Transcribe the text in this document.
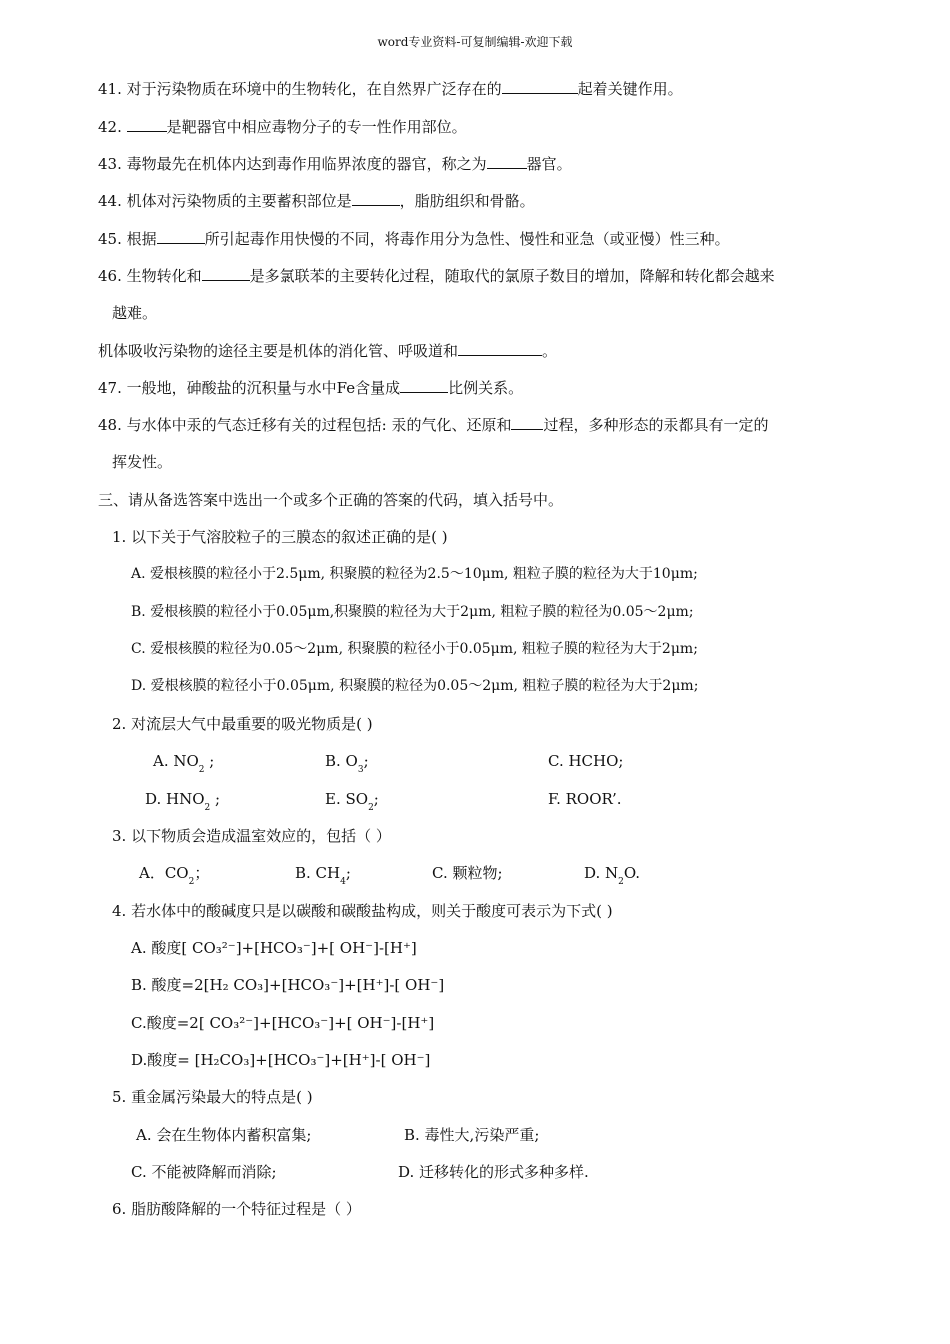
word专业资料-可复制编辑-欢迎下载
41. 对于污染物质在环境中的生物转化，在自然界广泛存在的	起着关键作用。
42.	是靶器官中相应毒物分子的专一性作用部位。
43. 毒物最先在机体内达到毒作用临界浓度的器官，称之为	器官。
44. 机体对污染物质的主要蓄积部位是	，脂肪组织和骨骼。
45. 根据	所引起毒作用快慢的不同，将毒作用分为急性、慢性和亚急（或亚慢）性三种。
46. 生物转化和	是多氯联苯的主要转化过程，随取代的氯原子数目的增加，降解和转化都会越来
越难。
机体吸收污染物的途径主要是机体的消化管、呼吸道和	。
47. 一般地，砷酸盐的沉积量与水中Fe含量成	比例关系。
48. 与水体中汞的气态迁移有关的过程包括: 汞的气化、还原和 过程，多种形态的汞都具有一定的
挥发性。
三、请从备选答案中选出一个或多个正确的答案的代码，填入括号中。
1. 以下关于气溶胶粒子的三膜态的叙述正确的是( )
A. 爱根核膜的粒径小于2.5μm, 积聚膜的粒径为2.5～10μm, 粗粒子膜的粒径为大于10μm;
B. 爱根核膜的粒径小于0.05μm,积聚膜的粒径为大于2μm, 粗粒子膜的粒径为0.05～2μm;
C. 爱根核膜的粒径为0.05～2μm, 积聚膜的粒径小于0.05μm, 粗粒子膜的粒径为大于2μm;
D. 爱根核膜的粒径小于0.05μm, 积聚膜的粒径为0.05～2μm, 粗粒子膜的粒径为大于2μm;
2. 对流层大气中最重要的吸光物质是( )
A. $NO_2$ ;	B. $O_3$;	C. HCHO;
D. $HNO_2$ ;	E. $SO_2$;	F. ROOR’.
3. 以下物质会造成温室效应的，包括（ ）
A．$CO_2$；	B. $CH_4$;	C. 颗粒物;	D. $N_2O$.
4. 若水体中的酸碱度只是以碳酸和碳酸盐构成，则关于酸度可表示为下式( )
A. 酸度[ CO₃²⁻]+[HCO₃⁻]+[ OH⁻]-[H⁺]
B. 酸度=2[H₂ CO₃]+[HCO₃⁻]+[H⁺]-[ OH⁻]
C.酸度=2[ CO₃²⁻]+[HCO₃⁻]+[ OH⁻]-[H⁺]
D.酸度= [H₂CO₃]+[HCO₃⁻]+[H⁺]-[ OH⁻]
5. 重金属污染最大的特点是( )
A. 会在生物体内蓄积富集;	B. 毒性大,污染严重;
C. 不能被降解而消除;	D. 迁移转化的形式多种多样.
6. 脂肪酸降解的一个特征过程是（ ）
